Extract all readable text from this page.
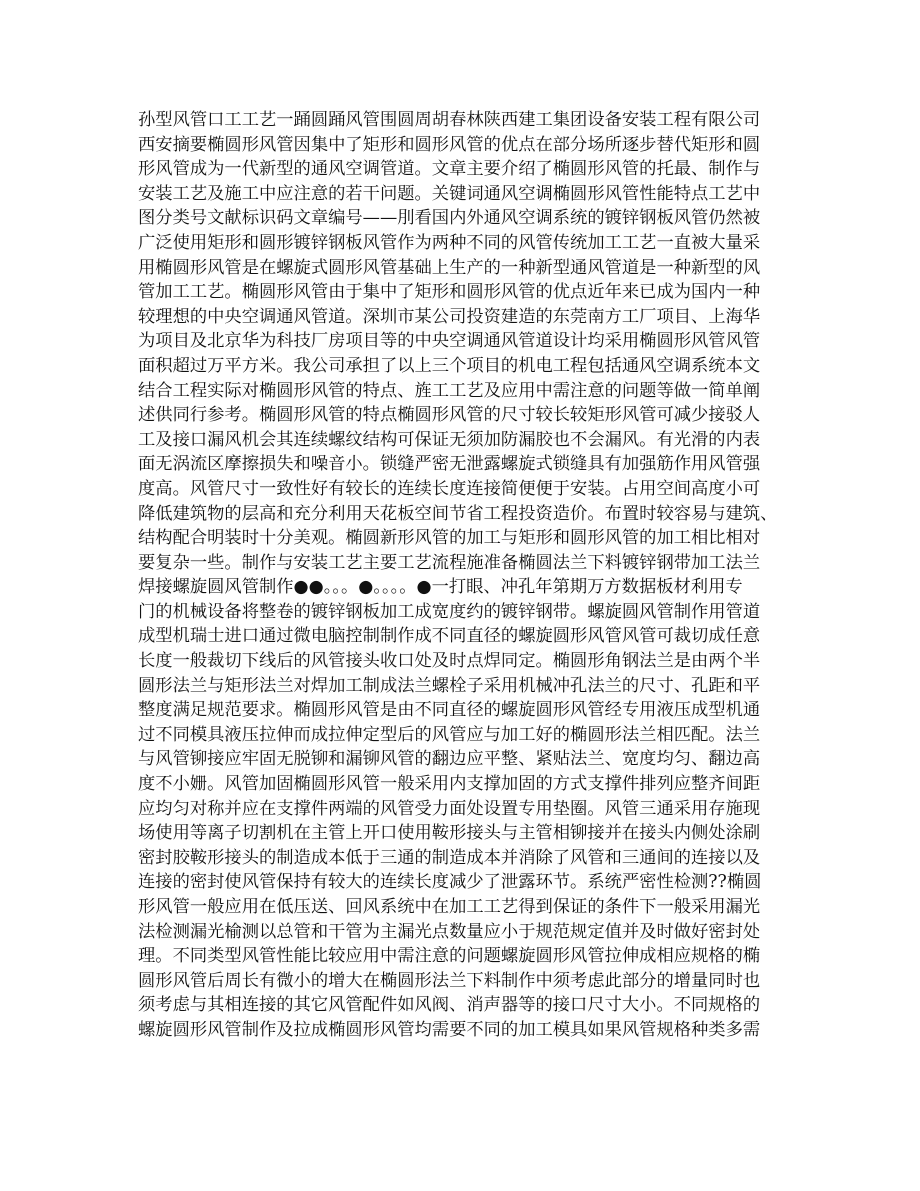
孙型风管口工工艺一踊圆踊风管围圆周胡春林陕西建工集团设备安装工程有限公司
西安摘要椭圆形风管因集中了矩形和圆形风管的优点在部分场所逐步替代矩形和圆
形风管成为一代新型的通风空调管道。文章主要介绍了椭圆形风管的托最、制作与
安装工艺及施工中应注意的若干问题。关键词通风空调椭圆形风管性能特点工艺中
图分类号文献标识码文章编号——刖看国内外通风空调系统的镀锌钢板风管仍然被
广泛使用矩形和圆形镀锌钢板风管作为两种不同的风管传统加工工艺一直被大量采
用椭圆形风管是在螺旋式圆形风管基础上生产的一种新型通风管道是一种新型的风
管加工工艺。椭圆形风管由于集中了矩形和圆形风管的优点近年来已成为国内一种
较理想的中央空调通风管道。深圳市某公司投资建造的东莞南方工厂项目、上海华
为项目及北京华为科技厂房项目等的中央空调通风管道设计均采用椭圆形风管风管
面积超过万平方米。我公司承担了以上三个项目的机电工程包括通风空调系统本文
结合工程实际对椭圆形风管的特点、旌工工艺及应用中需注意的问题等做一简单阐
述供同行参考。椭圆形风管的特点椭圆形风管的尺寸较长较矩形风管可减少接驳人
工及接口漏风机会其连续螺纹结构可保证无须加防漏胶也不会漏风。有光滑的内表
面无涡流区摩擦损失和噪音小。锁缝严密无泄露螺旋式锁缝具有加强筋作用风管强
度高。风管尺寸一致性好有较长的连续长度连接简便便于安装。占用空间高度小可
降低建筑物的层高和充分利用天花板空间节省工程投资造价。布置时较容易与建筑、
结构配合明装时十分美观。椭圆新形风管的加工与矩形和圆形风管的加工相比相对
要复杂一些。制作与安装工艺主要工艺流程施准备椭圆法兰下料镀锌钢带加工法兰
焊接螺旋圆风管制作●●。。。●。。。。●一打眼、冲孔年第期万方数据板材利用专
门的机械设备将整卷的镀锌钢板加工成宽度约的镀锌钢带。螺旋圆风管制作用管道
成型机瑞士进口通过微电脑控制制作成不同直径的螺旋圆形风管风管可裁切成任意
长度一般裁切下线后的风管接头收口处及时点焊同定。椭圆形角钢法兰是由两个半
圆形法兰与矩形法兰对焊加工制成法兰螺栓子采用机械冲孔法兰的尺寸、孔距和平
整度满足规范要求。椭圆形风管是由不同直径的螺旋圆形风管经专用液压成型机通
过不同模具液压拉伸而成拉伸定型后的风管应与加工好的椭圆形法兰相匹配。法兰
与风管铆接应牢固无脱铆和漏铆风管的翻边应平整、紧贴法兰、宽度均匀、翻边高
度不小姗。风管加固椭圆形风管一般采用内支撑加固的方式支撑件排列应整齐间距
应均匀对称并应在支撑件两端的风管受力面处设置专用垫圈。风管三通采用存施现
场使用等离子切割机在主管上开口使用鞍形接头与主管相铆接并在接头内侧处涂刷
密封胶鞍形接头的制造成本低于三通的制造成本并消除了风管和三通间的连接以及
连接的密封使风管保持有较大的连续长度减少了泄露环节。系统严密性检测??椭圆
形风管一般应用在低压送、回风系统中在加工工艺得到保证的条件下一般采用漏光
法检测漏光榆测以总管和干管为主漏光点数量应小于规范规定值并及时做好密封处
理。不同类型风管性能比较应用中需注意的问题螺旋圆形风管拉伸成相应规格的椭
圆形风管后周长有微小的增大在椭圆形法兰下料制作中须考虑此部分的增量同时也
须考虑与其相连接的其它风管配件如风阀、消声器等的接口尺寸大小。不同规格的
螺旋圆形风管制作及拉成椭圆形风管均需要不同的加工模具如果风管规格种类多需
